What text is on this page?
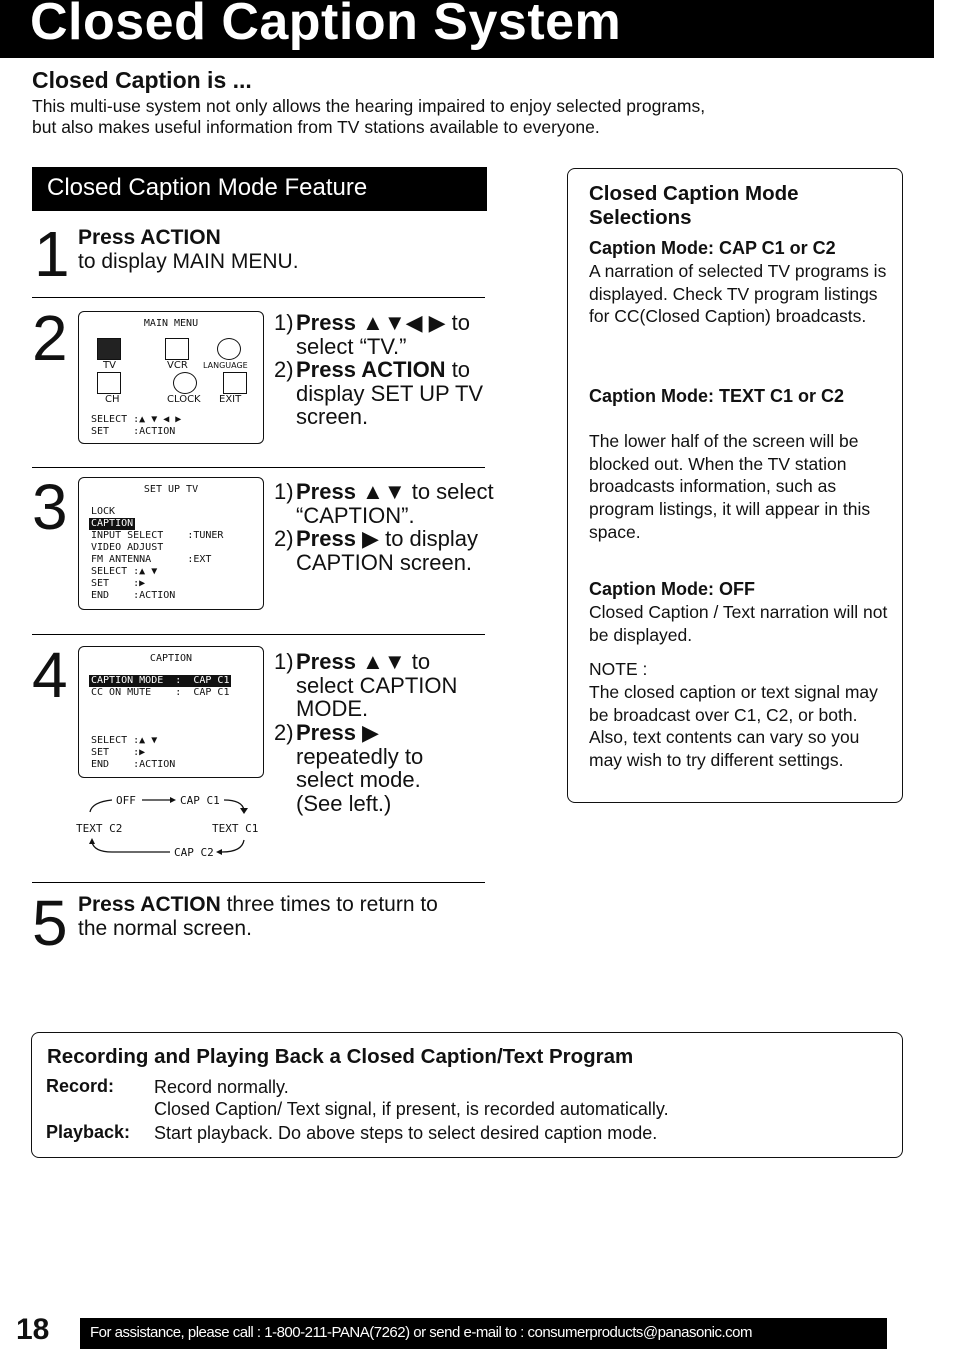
Closed Caption System
Closed Caption is ...
This multi-use system not only allows the hearing impaired to enjoy selected programs,
but also makes useful information from TV stations available to everyone.
Closed Caption Mode Feature
1 Press ACTION
to display MAIN MENU.
2	MAIN MENU
TV	VCR LANGUAGE
CH	CLOCK EXIT
SELECT :▲ ▼ ◀ ▶
SET    :ACTION
1) Press ▲▼◀ ▶ to select “TV.”
2) Press ACTION to display SET UP TV screen.
3	SET UP TV
LOCK
CAPTION
INPUT SELECT    :TUNER
VIDEO ADJUST
FM ANTENNA      :EXT
SELECT :▲ ▼
SET    :▶
END    :ACTION
1) Press ▲▼ to select “CAPTION”.
2) Press ▶ to display CAPTION screen.
4	CAPTION
CAPTION MODE  :  CAP C1
CC ON MUTE    :  CAP C1
SELECT :▲ ▼
SET    :▶
END    :ACTION
1) Press ▲▼ to select CAPTION MODE.
2) Press ▶
repeatedly to select mode. (See left.)
OFF	CAP C1
TEXT C1
CAP C2
TEXT C2
5 Press ACTION three times to return to the normal screen.
Closed Caption Mode Selections
Caption Mode: CAP C1 or C2
A narration of selected TV programs is displayed. Check TV program listings for CC(Closed Caption) broadcasts.
Caption Mode: TEXT C1 or C2
The lower half of the screen will be blocked out. When the TV station broadcasts information, such as program listings, it will appear in this space.
Caption Mode: OFF
Closed Caption / Text narration will not be displayed.
NOTE :
The closed caption or text signal may be broadcast over C1, C2, or both. Also, text contents can vary so you may wish to try different settings.
Recording and Playing Back a Closed Caption/Text Program
Record: Record normally.
Closed Caption/ Text signal, if present, is recorded automatically.
Playback: Start playback. Do above steps to select desired caption mode.
18	For assistance, please call : 1-800-211-PANA(7262) or send e-mail to : consumerproducts@panasonic.com
